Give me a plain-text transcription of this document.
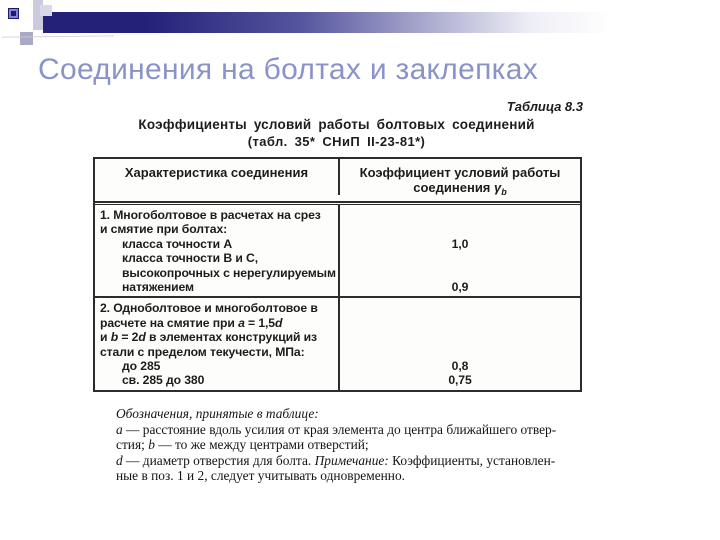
Соединения на болтах и заклепках
Таблица 8.3
Коэффициенты условий работы болтовых соединений
(табл. 35* СНиП II-23-81*)
Характеристика соединения	Коэффициент условий работы
соединения $\gamma_b$
1. Многоболтовое в расчетах на срез
и смятие при болтах:
класса точности А
класса точности В и С,
высокопрочных с нерегулируемым
натяжением
1,0
0,9
2. Одноболтовое и многоболтовое в
расчете на смятие при а = 1,5d
и b = 2d в элементах конструкций из
стали с пределом текучести, МПа:
до 285
св. 285 до 380
0,8
0,75
Обозначения, принятые в таблице:
а — расстояние вдоль усилия от края элемента до центра ближайшего отвер-
стия; b — то же между центрами отверстий;
d — диаметр отверстия для болта. Примечание: Коэффициенты, установлен-
ные в поз. 1 и 2, следует учитывать одновременно.
